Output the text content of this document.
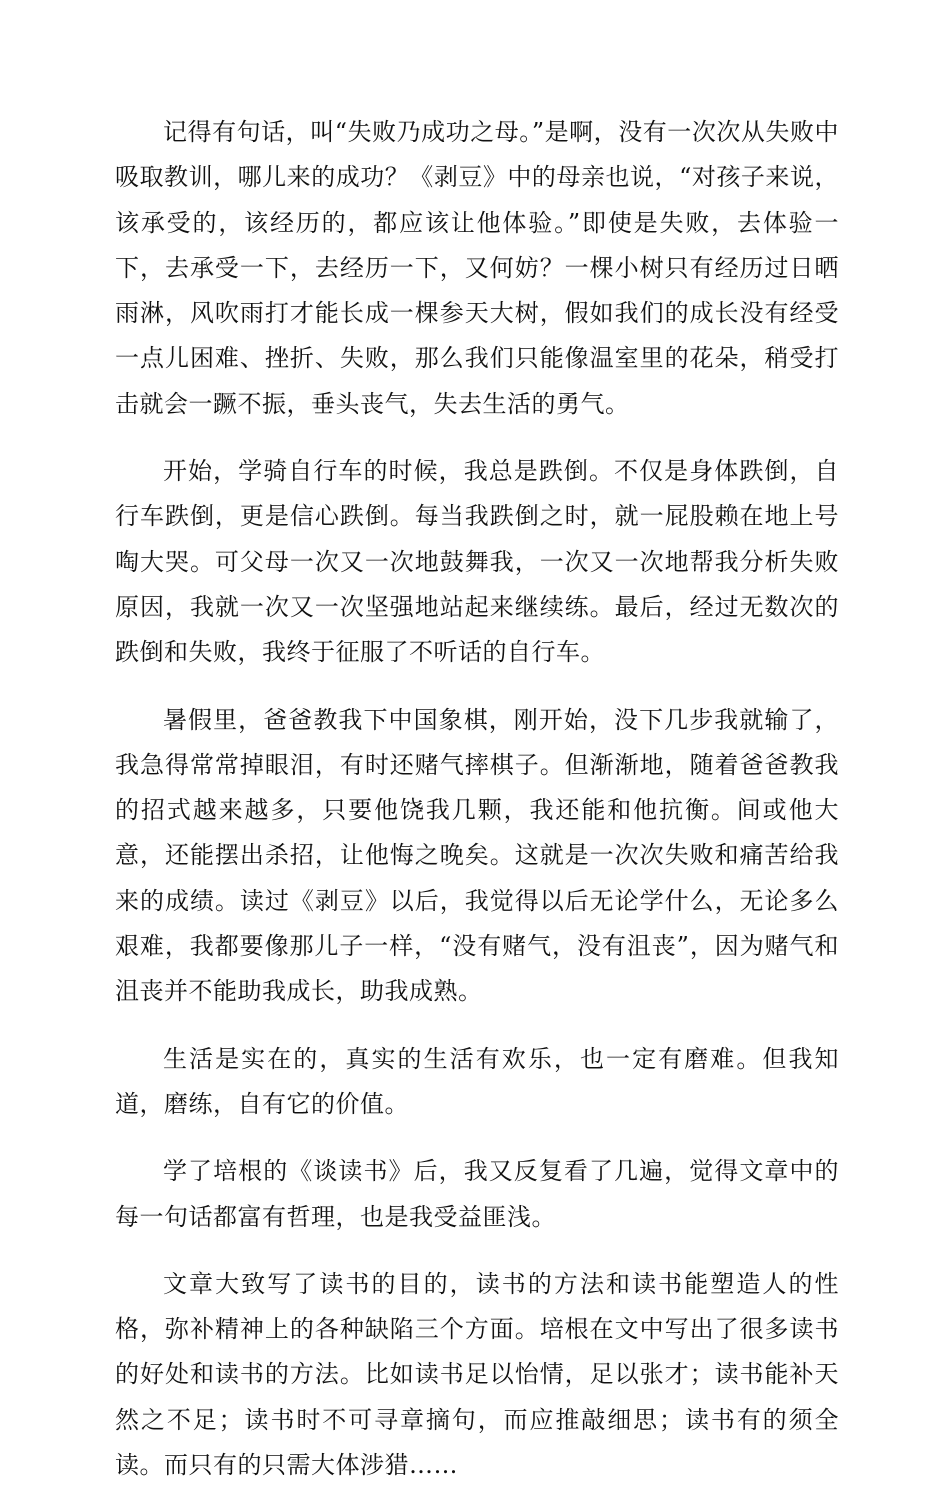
记得有句话，叫“失败乃成功之母。”是啊，没有一次次从失败中吸取教训，哪儿来的成功？《剥豆》中的母亲也说，“对孩子来说，该承受的，该经历的，都应该让他体验。”即使是失败，去体验一下，去承受一下，去经历一下，又何妨？一棵小树只有经历过日晒雨淋，风吹雨打才能长成一棵参天大树，假如我们的成长没有经受一点儿困难、挫折、失败，那么我们只能像温室里的花朵，稍受打击就会一蹶不振，垂头丧气，失去生活的勇气。

开始，学骑自行车的时候，我总是跌倒。不仅是身体跌倒，自行车跌倒，更是信心跌倒。每当我跌倒之时，就一屁股赖在地上号啕大哭。可父母一次又一次地鼓舞我，一次又一次地帮我分析失败原因，我就一次又一次坚强地站起来继续练。最后，经过无数次的跌倒和失败，我终于征服了不听话的自行车。

暑假里，爸爸教我下中国象棋，刚开始，没下几步我就输了，我急得常常掉眼泪，有时还赌气摔棋子。但渐渐地，随着爸爸教我的招式越来越多，只要他饶我几颗，我还能和他抗衡。间或他大意，还能摆出杀招，让他悔之晚矣。这就是一次次失败和痛苦给我来的成绩。读过《剥豆》以后，我觉得以后无论学什么，无论多么艰难，我都要像那儿子一样，“没有赌气，没有沮丧”，因为赌气和沮丧并不能助我成长，助我成熟。

生活是实在的，真实的生活有欢乐，也一定有磨难。但我知道，磨练，自有它的价值。

学了培根的《谈读书》后，我又反复看了几遍，觉得文章中的每一句话都富有哲理，也是我受益匪浅。

文章大致写了读书的目的，读书的方法和读书能塑造人的性格，弥补精神上的各种缺陷三个方面。培根在文中写出了很多读书的好处和读书的方法。比如读书足以怡情，足以张才；读书能补天然之不足；读书时不可寻章摘句，而应推敲细思；读书有的须全读。而只有的只需大体涉猎……
